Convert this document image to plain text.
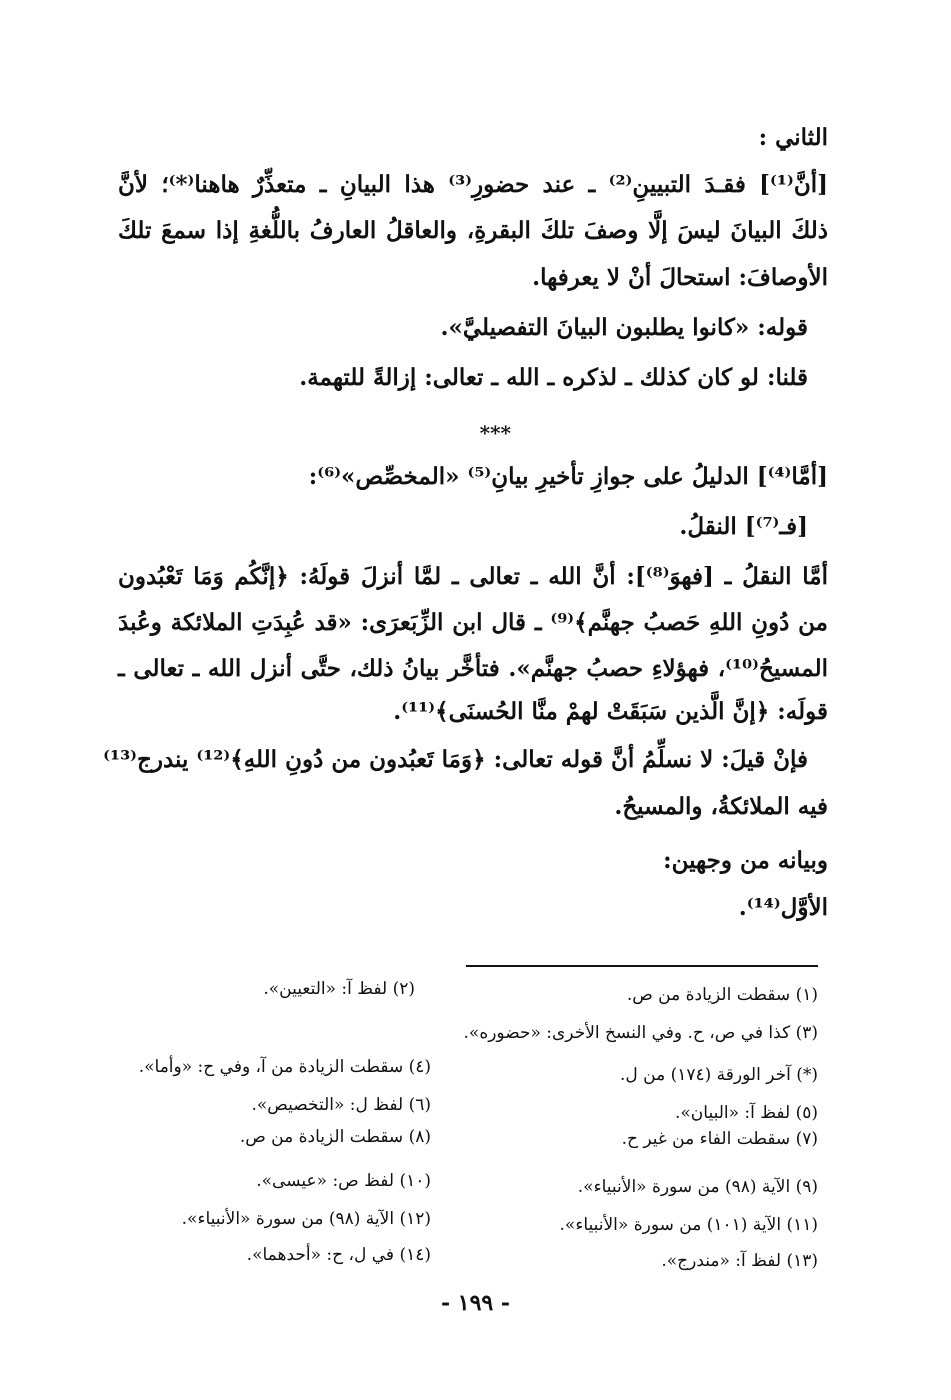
الثاني :
[أنَّ⁽¹⁾] فقـدَ التبيينِ⁽²⁾ ـ عند حضورِ⁽³⁾ هذا البيانِ ـ متعذِّرٌ هاهنا⁽*⁾؛ لأنَّ
ذلكَ البيانَ ليسَ إلَّا وصفَ تلكَ البقرةِ، والعاقلُ العارفُ باللُّغةِ إذا سمعَ تلكَ
الأوصافَ: استحالَ أنْ لا يعرفها.
قوله: «كانوا يطلبون البيانَ التفصيليَّ».
قلنا: لو كان كذلك ـ لذكره ـ الله ـ تعالى: إزالةً للتهمة.
***
[أمَّا⁽⁴⁾] الدليلُ على جوازِ تأخيرِ بيانِ⁽⁵⁾ «المخصِّص»⁽⁶⁾:
[فـ⁽⁷⁾] النقلُ.
أمَّا النقلُ ـ [فهوَ⁽⁸⁾]: أنَّ الله ـ تعالى ـ لمَّا أنزلَ قولَهُ: ﴿إنَّكُم وَمَا تَعْبُدون
من دُونِ اللهِ حَصبُ جهنَّم﴾⁽⁹⁾ ـ قال ابن الزِّبَعرَى: «قد عُبِدَتِ الملائكة وعُبدَ
المسيحُ⁽¹⁰⁾، فهؤلاءِ حصبُ جهنَّم». فتأخَّر بيانُ ذلك، حتَّى أنزل الله ـ تعالى ـ
قولَه: ﴿إنَّ الَّذين سَبَقَتْ لهمْ منَّا الحُسنَى﴾⁽¹¹⁾.
فإنْ قيلَ: لا نسلِّمُ أنَّ قوله تعالى: ﴿وَمَا تَعبُدون من دُونِ اللهِ﴾⁽¹²⁾ يندرج⁽¹³⁾
فيه الملائكةُ، والمسيحُ.
وبيانه من وجهين:
الأوَّل⁽¹⁴⁾.
(١) سقطت الزيادة من ص.
(٣) كذا في ص، ح. وفي النسخ الأخرى: «حضوره».
(*) آخر الورقة (١٧٤) من ل.
(٥) لفظ آ: «البيان».
(٧) سقطت الفاء من غير ح.
(٩) الآية (٩٨) من سورة «الأنبياء».
(١١) الآية (١٠١) من سورة «الأنبياء».
(١٣) لفظ آ: «مندرج».
(٢) لفظ آ: «التعيين».
(٤) سقطت الزيادة من آ، وفي ح: «وأما».
(٦) لفظ ل: «التخصيص».
(٨) سقطت الزيادة من ص.
(١٠) لفظ ص: «عيسى».
(١٢) الآية (٩٨) من سورة «الأنبياء».
(١٤) في ل، ح: «أحدهما».
- ١٩٩ -
